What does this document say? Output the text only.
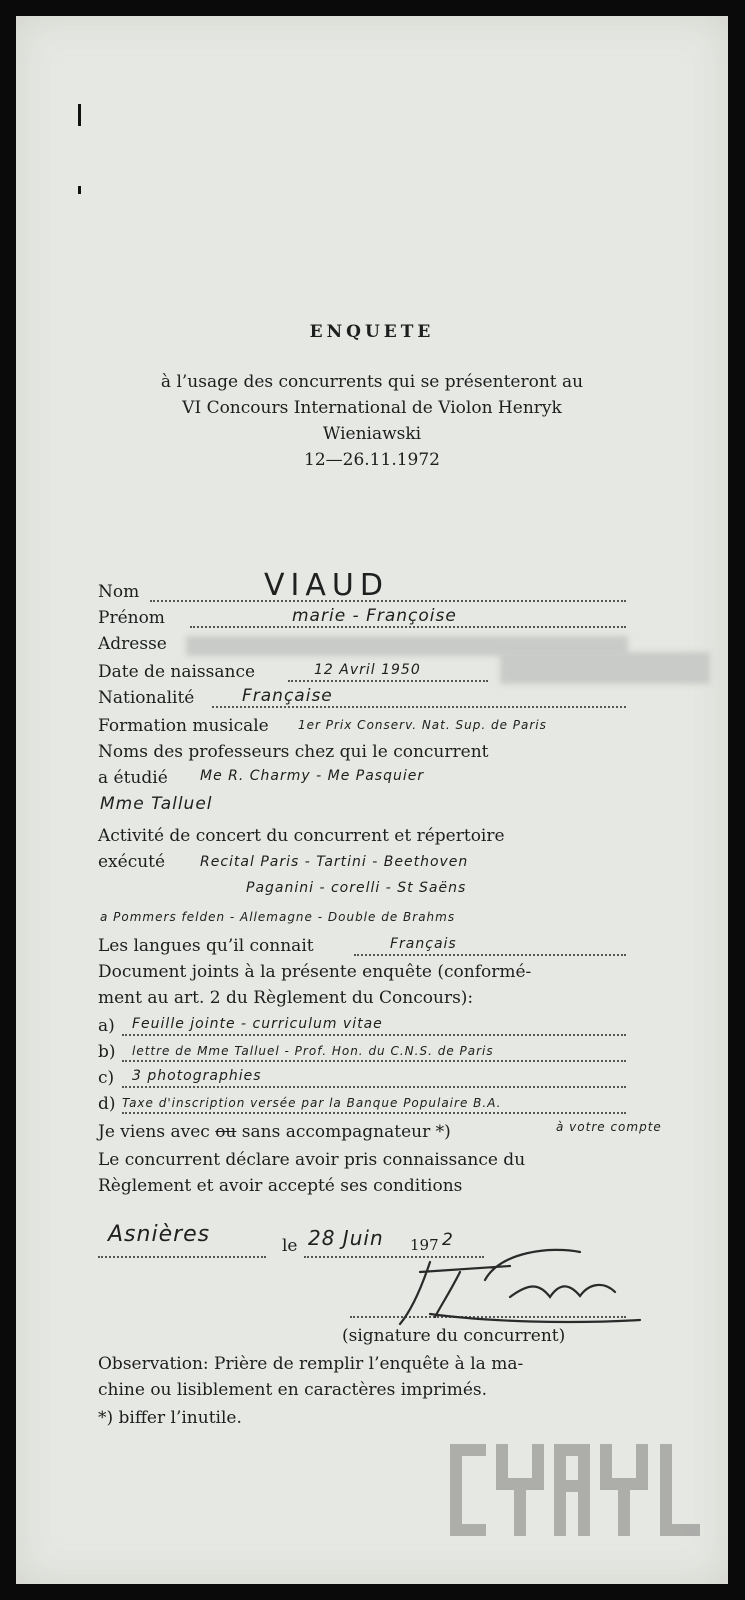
ENQUETE
à l’usage des concurrents qui se présenteront au
VI Concours International de Violon Henryk
Wieniawski
12—26.11.1972
Nom	VIAUD
Prénom	marie - Françoise
Adresse
Date de naissance	12 Avril 1950
Nationalité	Française
Formation musicale 1er Prix Conserv. Nat. Sup. de Paris
Noms des professeurs chez qui le concurrent
a étudié Me R. Charmy - Me Pasquier
Mme Talluel
Activité de concert du concurrent et répertoire
exécuté Recital Paris - Tartini - Beethoven
Paganini - corelli - St Saëns
a Pommers felden - Allemagne - Double de Brahms
Les langues qu’il connait	Français
Document joints à la présente enquête (conformé-
ment au art. 2 du Règlement du Concours):
a) Feuille jointe - curriculum vitae
b) lettre de Mme Talluel - Prof. Hon. du C.N.S. de Paris
c) 3 photographies
d) Taxe d'inscription versée par la Banque Populaire B.A.
Je viens avec ou sans accompagnateur *)	à votre compte
Le concurrent déclare avoir pris connaissance du
Règlement et avoir accepté ses conditions
Asnières	le 28 Juin 197 2
(signature du concurrent)
Observation: Prière de remplir l’enquête à la ma-
chine ou lisiblement en caractères imprimés.
*) biffer l’inutile.
